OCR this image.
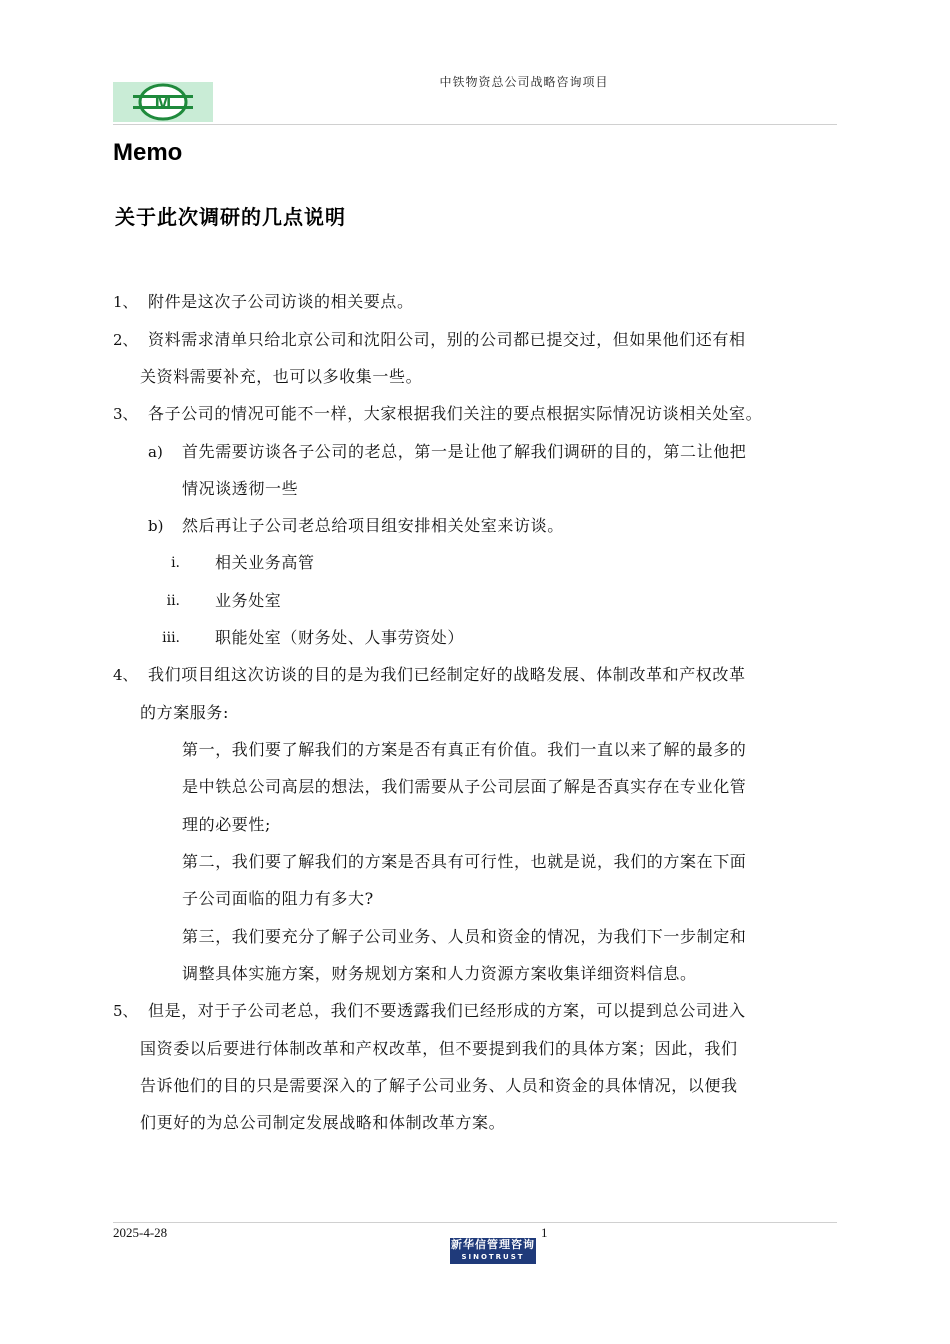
M
中铁物资总公司战略咨询项目
Memo
关于此次调研的几点说明
1、 附件是这次子公司访谈的相关要点。
2、 资料需求清单只给北京公司和沈阳公司，别的公司都已提交过，但如果他们还有相
关资料需要补充，也可以多收集一些。
3、 各子公司的情况可能不一样，大家根据我们关注的要点根据实际情况访谈相关处室。
a) 首先需要访谈各子公司的老总，第一是让他了解我们调研的目的，第二让他把
情况谈透彻一些
b) 然后再让子公司老总给项目组安排相关处室来访谈。
i. 相关业务高管
ii. 业务处室
iii. 职能处室（财务处、人事劳资处）
4、 我们项目组这次访谈的目的是为我们已经制定好的战略发展、体制改革和产权改革
的方案服务:
第一，我们要了解我们的方案是否有真正有价值。我们一直以来了解的最多的
是中铁总公司高层的想法，我们需要从子公司层面了解是否真实存在专业化管
理的必要性;
第二，我们要了解我们的方案是否具有可行性，也就是说，我们的方案在下面
子公司面临的阻力有多大?
第三，我们要充分了解子公司业务、人员和资金的情况，为我们下一步制定和
调整具体实施方案，财务规划方案和人力资源方案收集详细资料信息。
5、 但是，对于子公司老总，我们不要透露我们已经形成的方案，可以提到总公司进入
国资委以后要进行体制改革和产权改革，但不要提到我们的具体方案；因此，我们
告诉他们的目的只是需要深入的了解子公司业务、人员和资金的具体情况，以便我
们更好的为总公司制定发展战略和体制改革方案。
2025-4-28	1
新华信管理咨询
SINOTRUST
